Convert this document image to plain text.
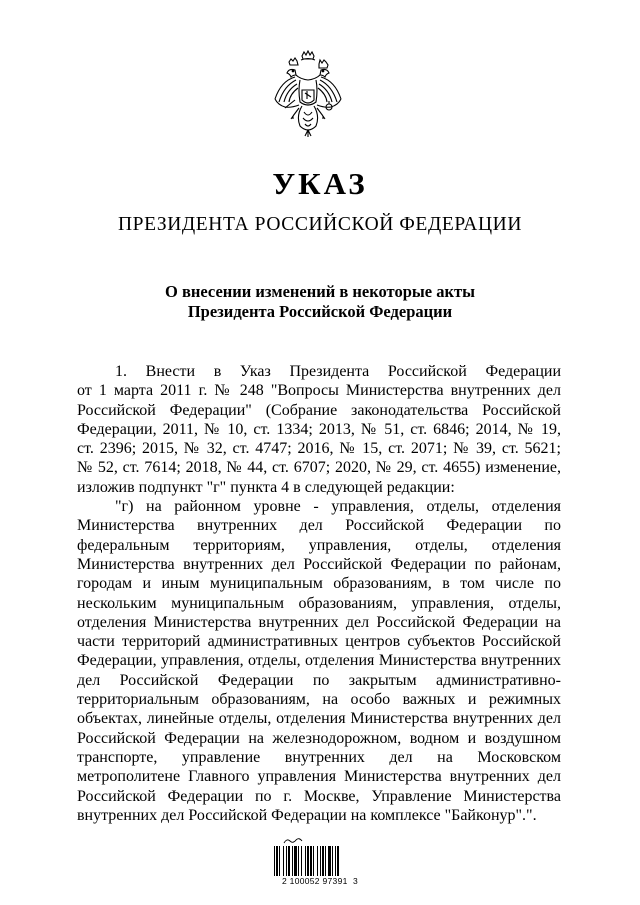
УКАЗ
ПРЕЗИДЕНТА РОССИЙСКОЙ ФЕДЕРАЦИИ
О внесении изменений в некоторые акты
Президента Российской Федерации
1. Внести в Указ Президента Российской Федерации
от 1 марта 2011 г. № 248 "Вопросы Министерства внутренних дел
Российской Федерации" (Собрание законодательства Российской
Федерации, 2011, № 10, ст. 1334; 2013, № 51, ст. 6846; 2014, № 19,
ст. 2396; 2015, № 32, ст. 4747; 2016, № 15, ст. 2071; № 39, ст. 5621;
№ 52, ст. 7614; 2018, № 44, ст. 6707; 2020, № 29, ст. 4655) изменение,
изложив подпункт "г" пункта 4 в следующей редакции:
"г) на районном уровне - управления, отделы, отделения
Министерства внутренних дел Российской Федерации по
федеральным территориям, управления, отделы, отделения
Министерства внутренних дел Российской Федерации по районам,
городам и иным муниципальным образованиям, в том числе по
нескольким муниципальным образованиям, управления, отделы,
отделения Министерства внутренних дел Российской Федерации на
части территорий административных центров субъектов Российской
Федерации, управления, отделы, отделения Министерства внутренних
дел Российской Федерации по закрытым административно-
территориальным образованиям, на особо важных и режимных
объектах, линейные отделы, отделения Министерства внутренних дел
Российской Федерации на железнодорожном, водном и воздушном
транспорте, управление внутренних дел на Московском
метрополитене Главного управления Министерства внутренних дел
Российской Федерации по г. Москве, Управление Министерства
внутренних дел Российской Федерации на комплексе "Байконур".".
2 100052 97391  3
